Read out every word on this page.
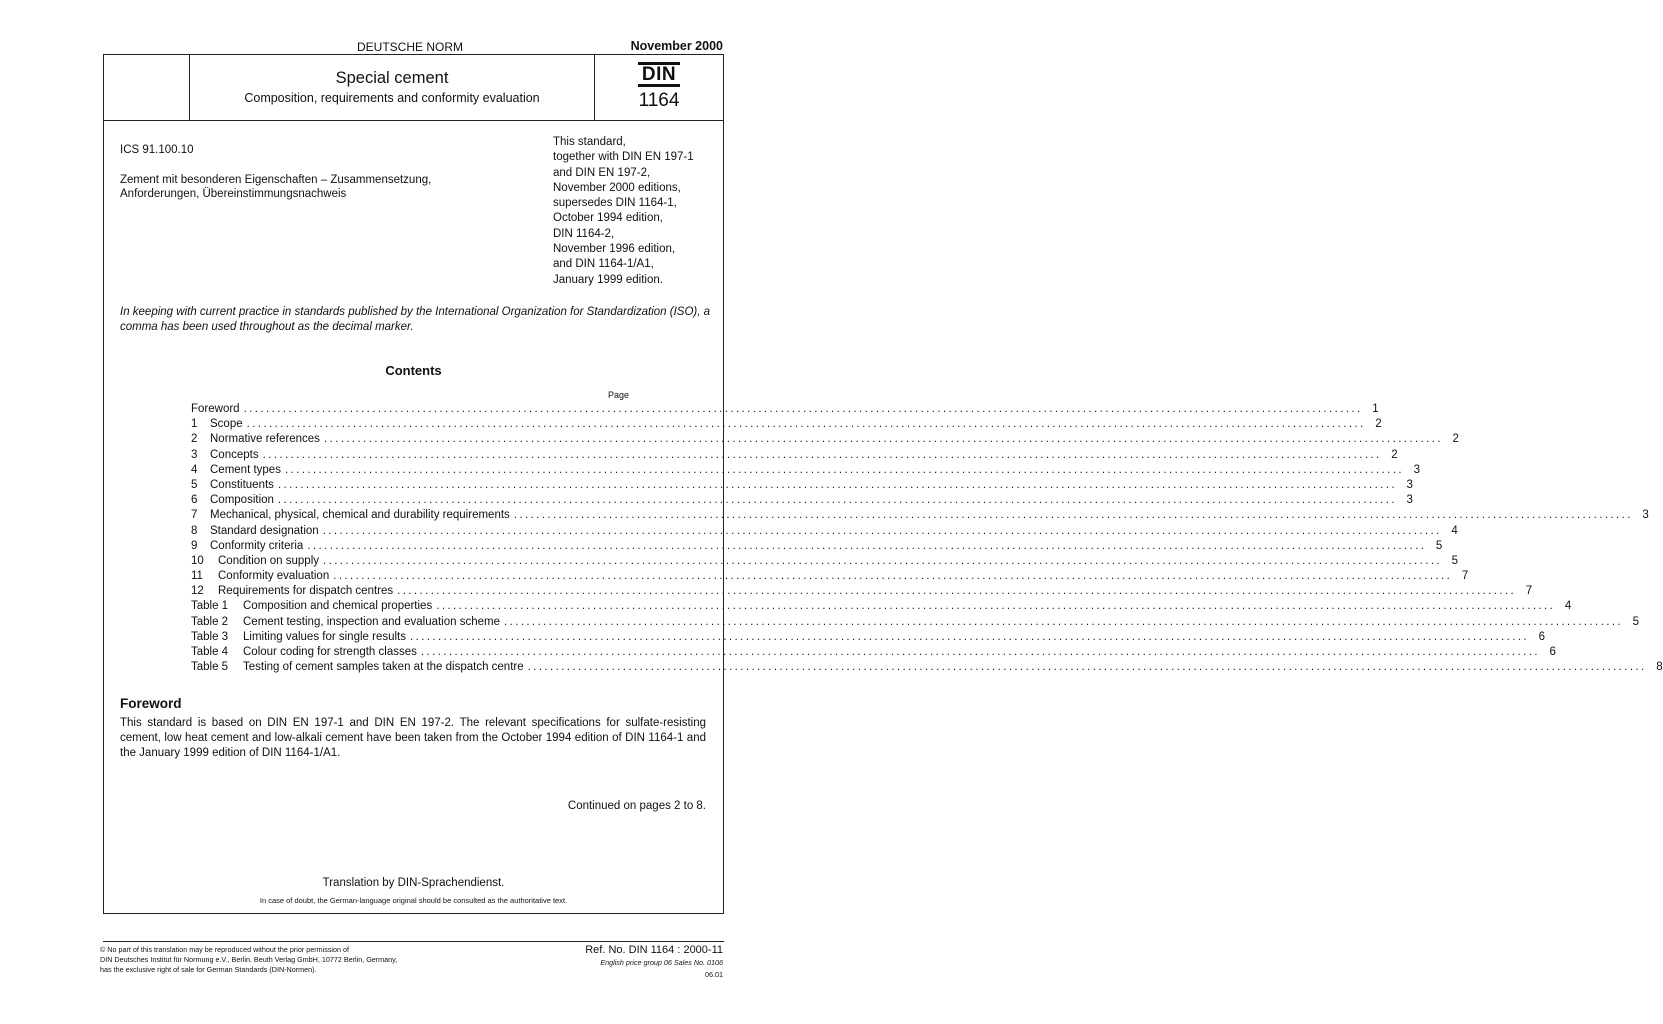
DEUTSCHE NORM	November 2000
Special cement
Composition, requirements and conformity evaluation
DIN
1164
ICS 91.100.10
Zement mit besonderen Eigenschaften – Zusammensetzung, Anforderungen, Übereinstimmungsnachweis
This standard,
together with DIN EN 197-1
and DIN EN 197-2,
November 2000 editions,
supersedes DIN 1164-1,
October 1994 edition,
DIN 1164-2,
November 1996 edition,
and DIN 1164-1/A1,
January 1999 edition.
In keeping with current practice in standards published by the International Organization for Standardization (ISO), a comma has been used throughout as the decimal marker.
Contents
Page
Foreword ........................................................................................................................................................................................................ 1
1	Scope ........................................................................................................................................................................................................ 2
2	Normative references ........................................................................................................................................................................................................ 2
3	Concepts ........................................................................................................................................................................................................ 2
4	Cement types ........................................................................................................................................................................................................ 3
5	Constituents ........................................................................................................................................................................................................ 3
6	Composition ........................................................................................................................................................................................................ 3
7	Mechanical, physical, chemical and durability requirements ........................................................................................................................................................................................................ 3
8	Standard designation ........................................................................................................................................................................................................ 4
9	Conformity criteria ........................................................................................................................................................................................................ 5
10	Condition on supply ........................................................................................................................................................................................................ 5
11	Conformity evaluation ........................................................................................................................................................................................................ 7
12	Requirements for dispatch centres ........................................................................................................................................................................................................ 7
Table 1	Composition and chemical properties ........................................................................................................................................................................................................ 4
Table 2	Cement testing, inspection and evaluation scheme ........................................................................................................................................................................................................ 5
Table 3	Limiting values for single results ........................................................................................................................................................................................................ 6
Table 4	Colour coding for strength classes ........................................................................................................................................................................................................ 6
Table 5	Testing of cement samples taken at the dispatch centre ........................................................................................................................................................................................................ 8
Foreword
This standard is based on DIN EN 197-1 and DIN EN 197-2. The relevant specifications for sulfate-resisting cement, low heat cement and low-alkali cement have been taken from the October 1994 edition of DIN 1164-1 and the January 1999 edition of DIN 1164-1/A1.
Continued on pages 2 to 8.
Translation by DIN-Sprachendienst.
In case of doubt, the German-language original should be consulted as the authoritative text.
© No part of this translation may be reproduced without the prior permission of
DIN Deutsches Institut für Normung e.V., Berlin. Beuth Verlag GmbH, 10772 Berlin, Germany,
has the exclusive right of sale for German Standards (DIN-Normen).
Ref. No. DIN 1164 : 2000-11
English price group 06 Sales No. 0106
06.01
